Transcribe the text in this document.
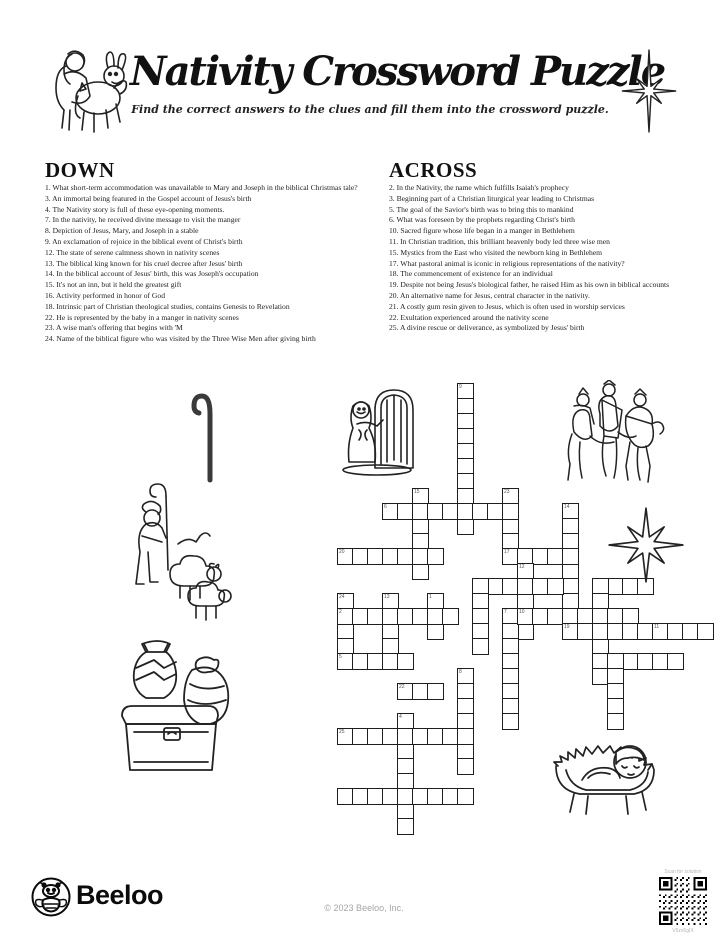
Nativity Crossword Puzzle
Find the correct answers to the clues and fill them into the crossword puzzle.
DOWN
1. What short-term accommodation was unavailable to Mary and Joseph in the biblical Christmas tale?
3. An immortal being featured in the Gospel account of Jesus's birth
4. The Nativity story is full of these eye-opening moments.
7. In the nativity, he received divine message to visit the manger
8. Depiction of Jesus, Mary, and Joseph in a stable
9. An exclamation of rejoice in the biblical event of Christ's birth
12. The state of serene calmness shown in nativity scenes
13. The biblical king known for his cruel decree after Jesus' birth
14. In the biblical account of Jesus' birth, this was Joseph's occupation
15. It's not an inn, but it held the greatest gift
16. Activity performed in honor of God
18. Intrinsic part of Christian theological studies, contains Genesis to Revelation
22. He is represented by the baby in a manger in nativity scenes
23. A wise man's offering that begins with 'M
24. Name of the biblical figure who was visited by the Three Wise Men after giving birth
ACROSS
2. In the Nativity, the name which fulfills Isaiah's prophecy
3. Beginning part of a Christian liturgical year leading to Christmas
5. The goal of the Savior's birth was to bring this to mankind
6. What was foreseen by the prophets regarding Christ's birth
10. Sacred figure whose life began in a manger in Bethlehem
11. In Christian tradition, this brilliant heavenly body led three wise men
15. Mystics from the East who visited the newborn king in Bethlehem
17. What pastoral animal is iconic in religious representations of the nativity?
18. The commencement of existence for an individual
19. Despite not being Jesus's biological father, he raised Him as his own in biblical accounts
20. An alternative name for Jesus, central character in the nativity.
21. A costly gum resin given to Jesus, which is often used in worship services
22. Exultation experienced around the nativity scene
25. A divine rescue or deliverance, as symbolized by Jesus' birth
9
15	23
6	14
20	17
12
24	13	1
2	7 10
19	11
5
8
22
4
25
Beeloo	© 2023 Beeloo, Inc.
Scan for solution
V6zv6gIX
